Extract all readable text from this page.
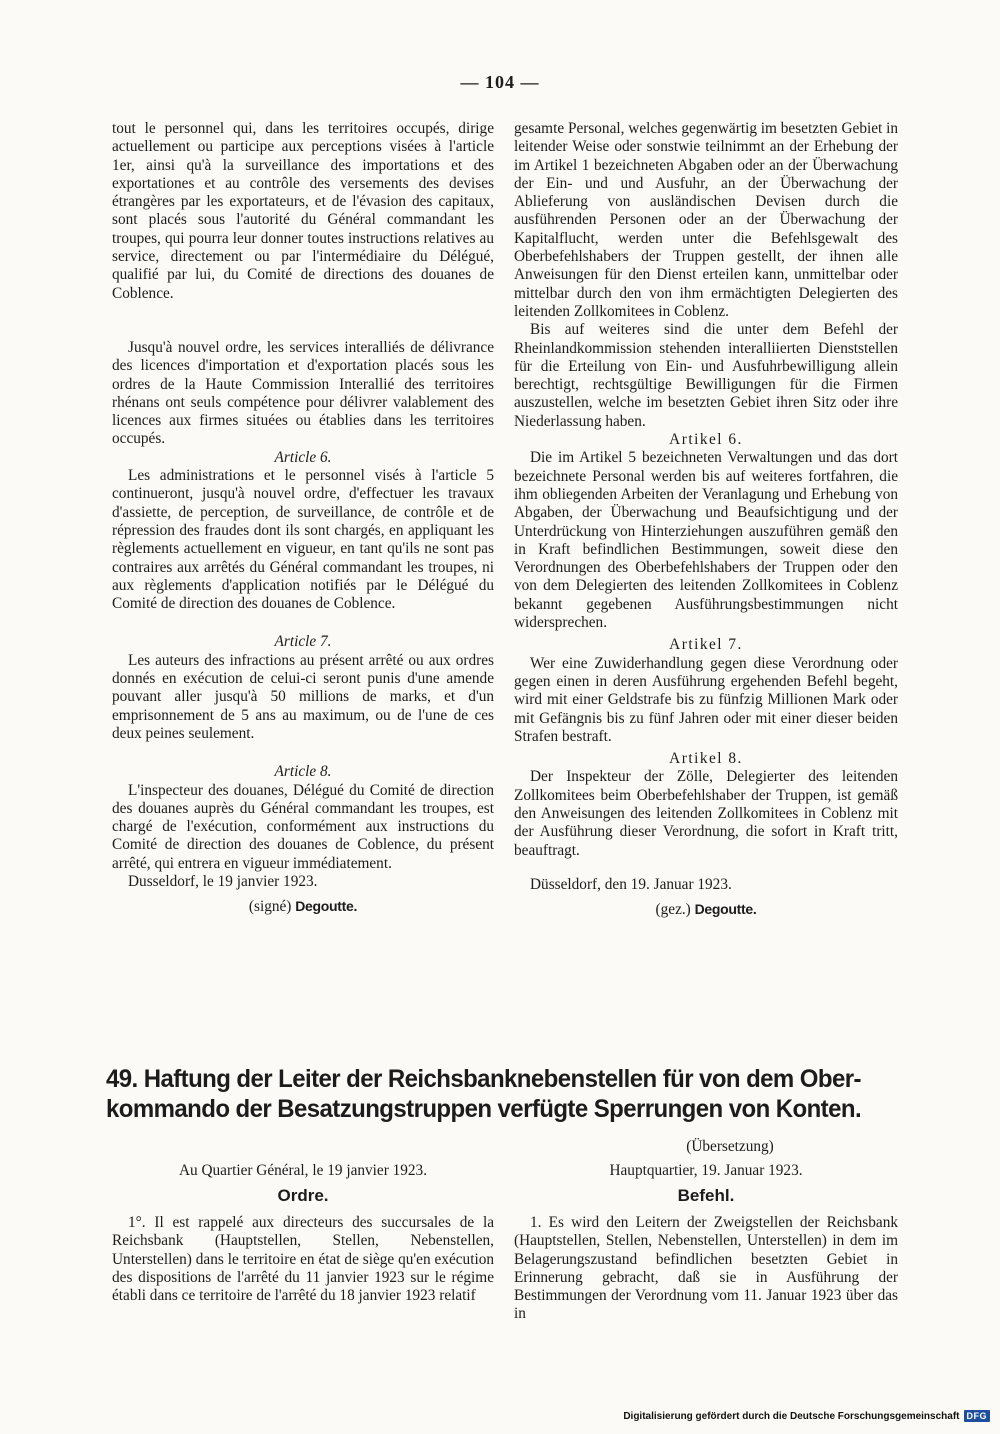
— 104 —

tout le personnel qui, dans les territoires occupés, dirige actuellement ou participe aux perceptions visées à l'article 1er, ainsi qu'à la surveillance des importations et des exportationes et au contrôle des versements des devises étrangères par les exportateurs, et de l'évasion des capitaux, sont placés sous l'autorité du Général commandant les troupes, qui pourra leur donner toutes instructions relatives au service, directement ou par l'intermédiaire du Délégué, qualifié par lui, du Comité de directions des douanes de Coblence.

Jusqu'à nouvel ordre, les services interalliés de délivrance des licences d'importation et d'exportation placés sous les ordres de la Haute Commission Interallié des territoires rhénans ont seuls compétence pour délivrer valablement des licences aux firmes situées ou établies dans les territoires occupés.

Article 6.

Les administrations et le personnel visés à l'article 5 continueront, jusqu'à nouvel ordre, d'effectuer les travaux d'assiette, de perception, de surveillance, de contrôle et de répression des fraudes dont ils sont chargés, en appliquant les règlements actuellement en vigueur, en tant qu'ils ne sont pas contraires aux arrêtés du Général commandant les troupes, ni aux règlements d'application notifiés par le Délégué du Comité de direction des douanes de Coblence.

Article 7.

Les auteurs des infractions au présent arrêté ou aux ordres donnés en exécution de celui-ci seront punis d'une amende pouvant aller jusqu'à 50 millions de marks, et d'un emprisonnement de 5 ans au maximum, ou de l'une de ces deux peines seulement.

Article 8.

L'inspecteur des douanes, Délégué du Comité de direction des douanes auprès du Général commandant les troupes, est chargé de l'exécution, conformément aux instructions du Comité de direction des douanes de Coblence, du présent arrêté, qui entrera en vigueur immédiatement.

Dusseldorf, le 19 janvier 1923.

(signé) Degoutte.

gesamte Personal, welches gegenwärtig im besetzten Gebiet in leitender Weise oder sonstwie teilnimmt an der Erhebung der im Artikel 1 bezeichneten Abgaben oder an der Überwachung der Ein- und und Ausfuhr, an der Überwachung der Ablieferung von ausländischen Devisen durch die ausführenden Personen oder an der Überwachung der Kapitalflucht, werden unter die Befehlsgewalt des Oberbefehlshabers der Truppen gestellt, der ihnen alle Anweisungen für den Dienst erteilen kann, unmittelbar oder mittelbar durch den von ihm ermächtigten Delegierten des leitenden Zollkomitees in Coblenz.

Bis auf weiteres sind die unter dem Befehl der Rheinlandkommission stehenden interalliierten Dienststellen für die Erteilung von Ein- und Ausfuhrbewilligung allein berechtigt, rechtsgültige Bewilligungen für die Firmen auszustellen, welche im besetzten Gebiet ihren Sitz oder ihre Niederlassung haben.

Artikel 6.

Die im Artikel 5 bezeichneten Verwaltungen und das dort bezeichnete Personal werden bis auf weiteres fortfahren, die ihm obliegenden Arbeiten der Veranlagung und Erhebung von Abgaben, der Überwachung und Beaufsichtigung und der Unterdrückung von Hinterziehungen auszuführen gemäß den in Kraft befindlichen Bestimmungen, soweit diese den Verordnungen des Oberbefehlshabers der Truppen oder den von dem Delegierten des leitenden Zollkomitees in Coblenz bekannt gegebenen Ausführungsbestimmungen nicht widersprechen.

Artikel 7.

Wer eine Zuwiderhandlung gegen diese Verordnung oder gegen einen in deren Ausführung ergehenden Befehl begeht, wird mit einer Geldstrafe bis zu fünfzig Millionen Mark oder mit Gefängnis bis zu fünf Jahren oder mit einer dieser beiden Strafen bestraft.

Artikel 8.

Der Inspekteur der Zölle, Delegierter des leitenden Zollkomitees beim Oberbefehlshaber der Truppen, ist gemäß den Anweisungen des leitenden Zollkomitees in Coblenz mit der Ausführung dieser Verordnung, die sofort in Kraft tritt, beauftragt.

Düsseldorf, den 19. Januar 1923.

(gez.) Degoutte.

49. Haftung der Leiter der Reichsbanknebenstellen für von dem Ober-
kommando der Besatzungstruppen verfügte Sperrungen von Konten.
(Übersetzung)
Au Quartier Général, le 19 janvier 1923.	Hauptquartier, 19. Januar 1923.
Ordre.	Befehl.

1°. Il est rappelé aux directeurs des succursales de la Reichsbank (Hauptstellen, Stellen, Nebenstellen, Unterstellen) dans le territoire en état de siège qu'en exécution des dispositions de l'arrêté du 11 janvier 1923 sur le régime établi dans ce territoire de l'arrêté du 18 janvier 1923 relatif

1. Es wird den Leitern der Zweigstellen der Reichsbank (Hauptstellen, Stellen, Nebenstellen, Unterstellen) in dem im Belagerungszustand befindlichen besetzten Gebiet in Erinnerung gebracht, daß sie in Ausführung der Bestimmungen der Verordnung vom 11. Januar 1923 über das in

Digitalisierung gefördert durch die Deutsche Forschungsgemeinschaft DFG
